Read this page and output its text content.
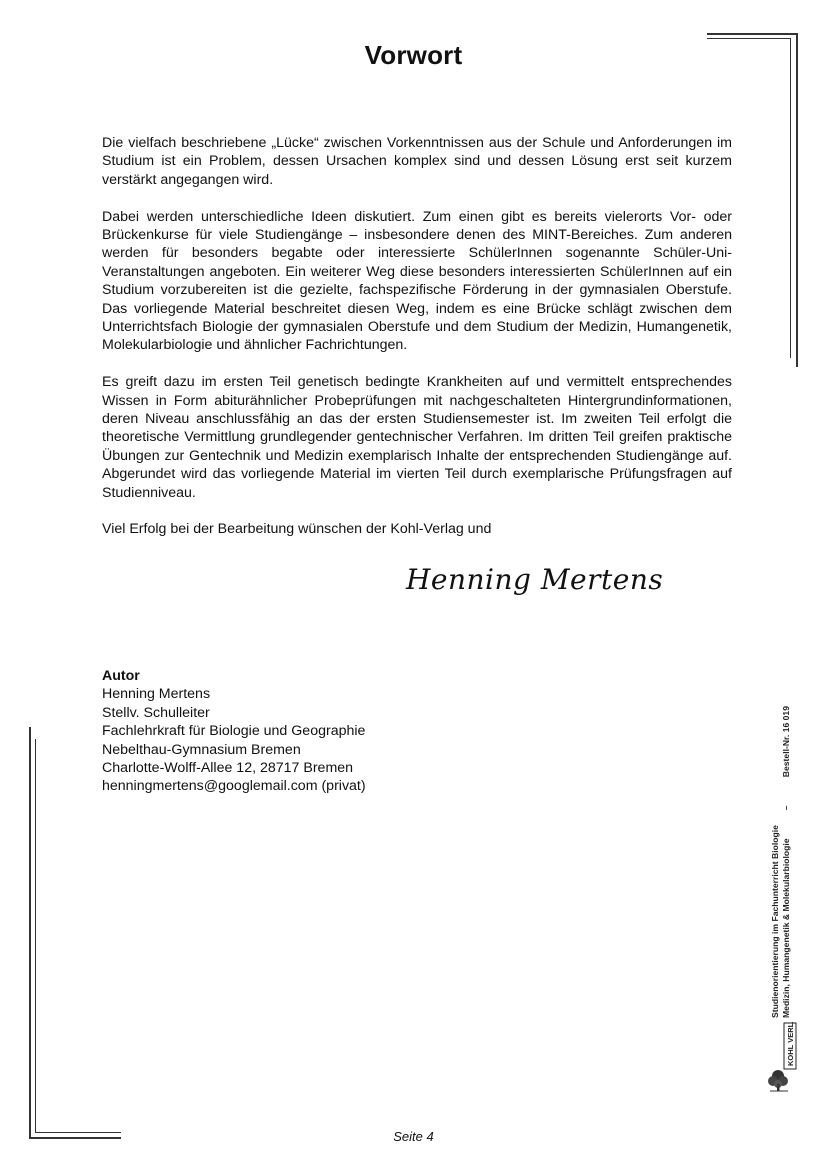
Vorwort

Die vielfach beschriebene „Lücke“ zwischen Vorkenntnissen aus der Schule und Anforderungen im Studium ist ein Problem, dessen Ursachen komplex sind und dessen Lösung erst seit kurzem verstärkt angegangen wird.

Dabei werden unterschiedliche Ideen diskutiert. Zum einen gibt es bereits vielerorts Vor- oder Brückenkurse für viele Studiengänge – insbesondere denen des MINT-Bereiches. Zum anderen werden für besonders begabte oder interessierte SchülerInnen sogenannte Schüler-Uni-Veranstaltungen angeboten. Ein weiterer Weg diese besonders interessierten SchülerInnen auf ein Studium vorzubereiten ist die gezielte, fachspezifische Förderung in der gymnasialen Oberstufe. Das vorliegende Material beschreitet diesen Weg, indem es eine Brücke schlägt zwischen dem Unterrichtsfach Biologie der gymnasialen Oberstufe und dem Studium der Medizin, Humangenetik, Molekularbiologie und ähnlicher Fachrichtungen.

Es greift dazu im ersten Teil genetisch bedingte Krankheiten auf und vermittelt entsprechendes Wissen in Form abiturähnlicher Probeprüfungen mit nachgeschalteten Hintergrundinformationen, deren Niveau anschlussfähig an das der ersten Studiensemester ist. Im zweiten Teil erfolgt die theoretische Vermittlung grundlegender gentechnischer Verfahren. Im dritten Teil greifen praktische Übungen zur Gentechnik und Medizin exemplarisch Inhalte der entsprechenden Studiengänge auf. Abgerundet wird das vorliegende Material im vierten Teil durch exemplarische Prüfungsfragen auf Studienniveau.

Viel Erfolg bei der Bearbeitung wünschen der Kohl-Verlag und

Henning Mertens
Autor
Henning Mertens
Stellv. Schulleiter
Fachlehrkraft für Biologie und Geographie
Nebelthau-Gymnasium Bremen
Charlotte-Wolff-Allee 12, 28717 Bremen
henningmertens@googlemail.com (privat)
Studienorientierung im Fachunterricht Biologie Medizin, Humangenetik & Molekularbiologie
–
Bestell-Nr. 16 019
KOHL VERLAG
Seite 4
